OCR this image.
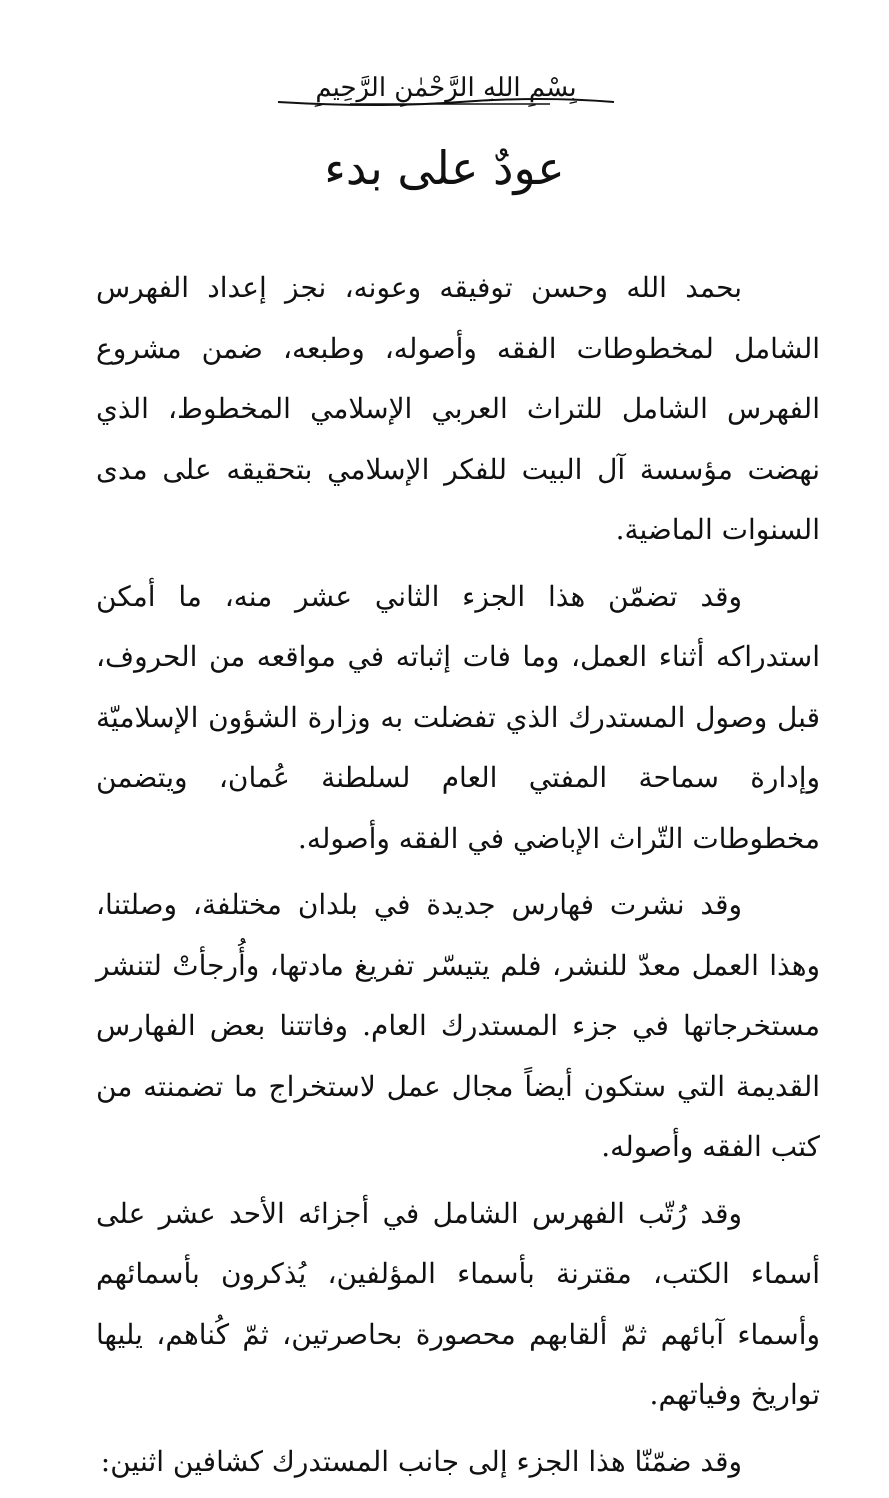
بِسْمِ اللهِ الرَّحْمٰنِ الرَّحِيمِ
عودٌ على بدء

بحمد الله وحسن توفيقه وعونه، نجز إعداد الفهرس الشامل لمخطوطات الفقه وأصوله، وطبعه، ضمن مشروع الفهرس الشامل للتراث العربي الإسلامي المخطوط، الذي نهضت مؤسسة آل البيت للفكر الإسلامي بتحقيقه على مدى السنوات الماضية.

وقد تضمّن هذا الجزء الثاني عشر منه، ما أمكن استدراكه أثناء العمل، وما فات إثباته في مواقعه من الحروف، قبل وصول المستدرك الذي تفضلت به وزارة الشؤون الإسلاميّة وإدارة سماحة المفتي العام لسلطنة عُمان، ويتضمن مخطوطات التّراث الإباضي في الفقه وأصوله.

وقد نشرت فهارس جديدة في بلدان مختلفة، وصلتنا، وهذا العمل معدّ للنشر، فلم يتيسّر تفريغ مادتها، وأُرجأتْ لتنشر مستخرجاتها في جزء المستدرك العام. وفاتتنا بعض الفهارس القديمة التي ستكون أيضاً مجال عمل لاستخراج ما تضمنته من كتب الفقه وأصوله.

وقد رُتّب الفهرس الشامل في أجزائه الأحد عشر على أسماء الكتب، مقترنة بأسماء المؤلفين، يُذكرون بأسمائهم وأسماء آبائهم ثمّ ألقابهم محصورة بحاصرتين، ثمّ كُناهم، يليها تواريخ وفياتهم.

وقد ضمّنّا هذا الجزء إلى جانب المستدرك كشافين اثنين:
